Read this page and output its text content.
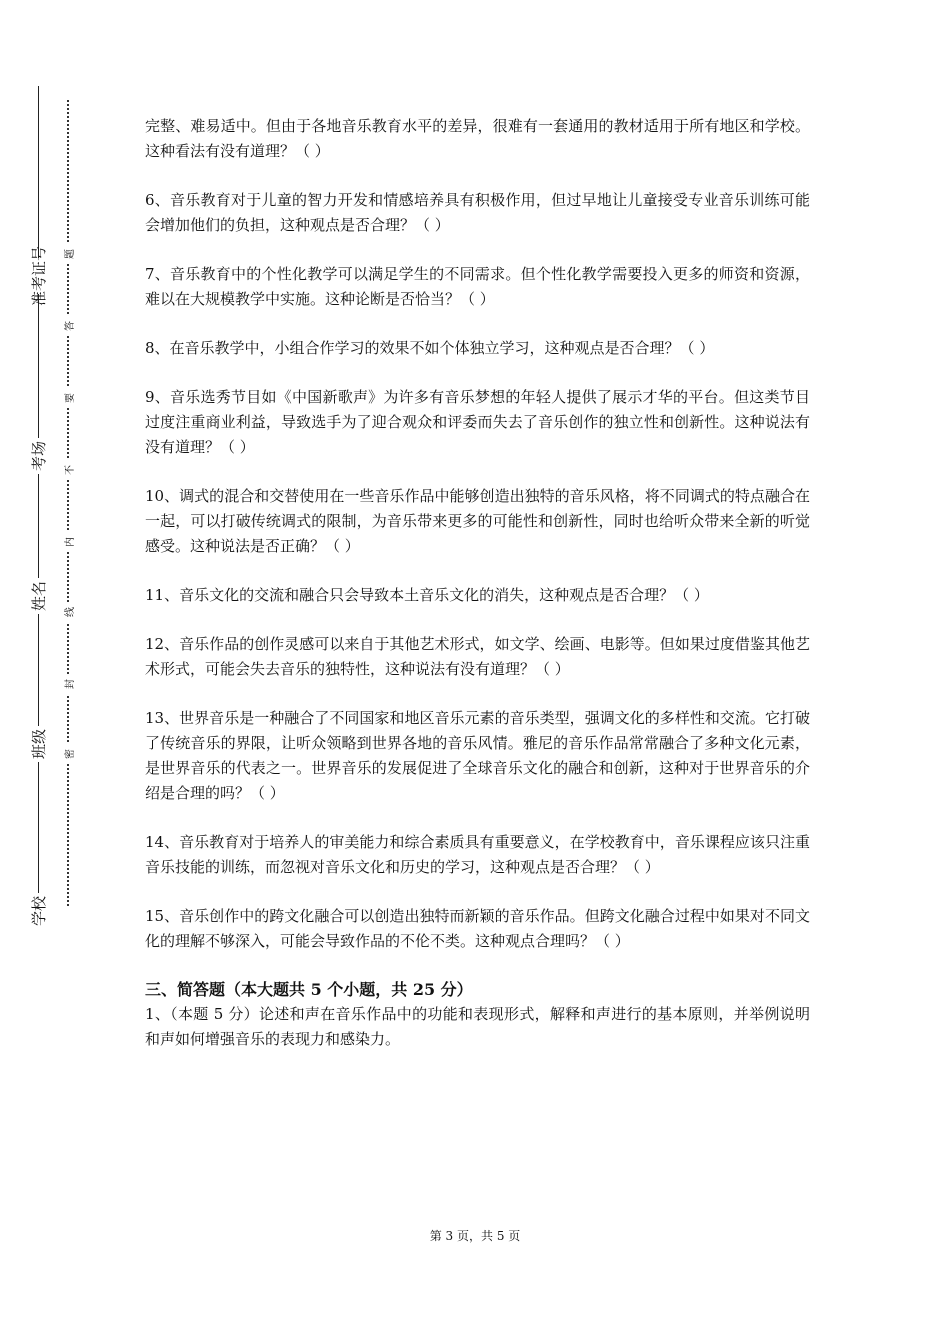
准考证号
考场
姓名
班级
学校
题
答
要
不
内
线
封
密

完整、难易适中。但由于各地音乐教育水平的差异，很难有一套通用的教材适用于所有地区和学校。这种看法有没有道理？（ ）

6、音乐教育对于儿童的智力开发和情感培养具有积极作用，但过早地让儿童接受专业音乐训练可能会增加他们的负担，这种观点是否合理？（ ）

7、音乐教育中的个性化教学可以满足学生的不同需求。但个性化教学需要投入更多的师资和资源，难以在大规模教学中实施。这种论断是否恰当？（ ）

8、在音乐教学中，小组合作学习的效果不如个体独立学习，这种观点是否合理？（ ）

9、音乐选秀节目如《中国新歌声》为许多有音乐梦想的年轻人提供了展示才华的平台。但这类节目过度注重商业利益，导致选手为了迎合观众和评委而失去了音乐创作的独立性和创新性。这种说法有没有道理？（ ）

10、调式的混合和交替使用在一些音乐作品中能够创造出独特的音乐风格，将不同调式的特点融合在一起，可以打破传统调式的限制，为音乐带来更多的可能性和创新性，同时也给听众带来全新的听觉感受。这种说法是否正确？（ ）

11、音乐文化的交流和融合只会导致本土音乐文化的消失，这种观点是否合理？（ ）

12、音乐作品的创作灵感可以来自于其他艺术形式，如文学、绘画、电影等。但如果过度借鉴其他艺术形式，可能会失去音乐的独特性，这种说法有没有道理？（ ）

13、世界音乐是一种融合了不同国家和地区音乐元素的音乐类型，强调文化的多样性和交流。它打破了传统音乐的界限，让听众领略到世界各地的音乐风情。雅尼的音乐作品常常融合了多种文化元素，是世界音乐的代表之一。世界音乐的发展促进了全球音乐文化的融合和创新，这种对于世界音乐的介绍是合理的吗？（ ）

14、音乐教育对于培养人的审美能力和综合素质具有重要意义，在学校教育中，音乐课程应该只注重音乐技能的训练，而忽视对音乐文化和历史的学习，这种观点是否合理？（ ）

15、音乐创作中的跨文化融合可以创造出独特而新颖的音乐作品。但跨文化融合过程中如果对不同文化的理解不够深入，可能会导致作品的不伦不类。这种观点合理吗？（ ）

三、简答题（本大题共 5 个小题，共 25 分）

1、（本题 5 分）论述和声在音乐作品中的功能和表现形式，解释和声进行的基本原则，并举例说明和声如何增强音乐的表现力和感染力。

第 3 页，共 5 页
